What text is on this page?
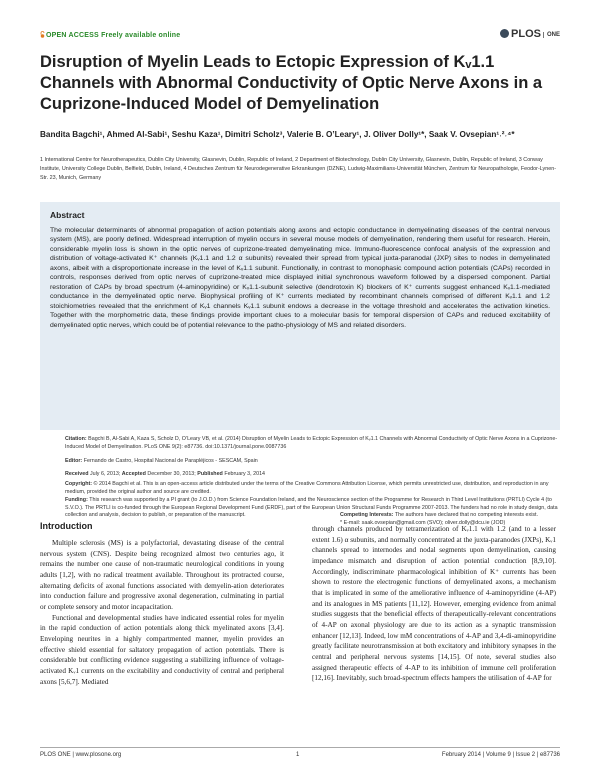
OPEN ACCESS Freely available online	PLOS ONE
Disruption of Myelin Leads to Ectopic Expression of Kᵥ1.1 Channels with Abnormal Conductivity of Optic Nerve Axons in a Cuprizone-Induced Model of Demyelination
Bandita Bagchi¹, Ahmed Al-Sabi¹, Seshu Kaza¹, Dimitri Scholz³, Valerie B. O’Leary¹, J. Oliver Dolly¹*, Saak V. Ovsepian¹˒²˒⁴*
1 International Centre for Neurotherapeutics, Dublin City University, Glasnevin, Dublin, Republic of Ireland, 2 Department of Biotechnology, Dublin City University, Glasnevin, Dublin, Republic of Ireland, 3 Conway Institute, University College Dublin, Belfield, Dublin, Ireland, 4 Deutsches Zentrum für Neurodegenerative Erkrankungen (DZNE), Ludwig-Maximilians-Universität München, Zentrum für Neuropathologie, Feodor-Lynen-Str. 23, Munich, Germany
Abstract

The molecular determinants of abnormal propagation of action potentials along axons and ectopic conductance in demyelinating diseases of the central nervous system (MS), are poorly defined. Widespread interruption of myelin occurs in several mouse models of demyelination, rendering them useful for research. Herein, considerable myelin loss is shown in the optic nerves of cuprizone-treated demyelinating mice. Immuno-fluorescence confocal analysis of the expression and distribution of voltage-activated K⁺ channels (Kᵥ1.1 and 1.2 α subunits) revealed their spread from typical juxta-paranodal (JXP) sites to nodes in demyelinated axons, albeit with a disproportionate increase in the level of Kᵥ1.1 subunit. Functionally, in contrast to monophasic compound action potentials (CAPs) recorded in controls, responses derived from optic nerves of cuprizone-treated mice displayed initial synchronous waveform followed by a dispersed component. Partial restoration of CAPs by broad spectrum (4-aminopyridine) or Kᵥ1.1-subunit selective (dendrotoxin K) blockers of K⁺ currents suggest enhanced Kᵥ1.1-mediated conductance in the demyelinated optic nerve. Biophysical profiling of K⁺ currents mediated by recombinant channels comprised of different Kᵥ1.1 and 1.2 stoichiometries revealed that the enrichment of Kᵥ1 channels Kᵥ1.1 subunit endows a decrease in the voltage threshold and accelerates the activation kinetics. Together with the morphometric data, these findings provide important clues to a molecular basis for temporal dispersion of CAPs and reduced excitability of demyelinated optic nerves, which could be of potential relevance to the patho-physiology of MS and related disorders.

Citation: Bagchi B, Al-Sabi A, Kaza S, Scholz D, O’Leary VB, et al. (2014) Disruption of Myelin Leads to Ectopic Expression of Kᵥ1.1 Channels with Abnormal Conductivity of Optic Nerve Axons in a Cuprizone-Induced Model of Demyelination. PLoS ONE 9(2): e87736. doi:10.1371/journal.pone.0087736
Editor: Fernando de Castro, Hospital Nacional de Parapléjicos - SESCAM, Spain
Received July 6, 2013; Accepted December 30, 2013; Published February 3, 2014
Copyright: © 2014 Bagchi et al. This is an open-access article distributed under the terms of the Creative Commons Attribution License, which permits unrestricted use, distribution, and reproduction in any medium, provided the original author and source are credited.
Funding: This research was supported by a PI grant (to J.O.D.) from Science Foundation Ireland, and the Neuroscience section of the Programme for Research in Third Level Institutions (PRTLI) Cycle 4 (to S.V.O.). The PRTLI is co-funded through the European Regional Development Fund (ERDF), part of the European Union Structural Funds Programme 2007-2013. The funders had no role in study design, data collection and analysis, decision to publish, or preparation of the manuscript.	Competing Interests: The authors have declared that no competing interests exist.
* E-mail: saak.ovsepian@gmail.com (SVO); oliver.dolly@dcu.ie (JOD)
Introduction

Multiple sclerosis (MS) is a polyfactorial, devastating disease of the central nervous system (CNS). Despite being recognized almost two centuries ago, it remains the number one cause of non-traumatic neurological conditions in young adults [1,2], with no radical treatment available. Throughout its protracted course, alternating deficits of axonal functions associated with demyelin-ation deteriorates into conduction failure and progressive axonal degeneration, culminating in partial or complete sensory and motor incapacitation.

Functional and developmental studies have indicated essential roles for myelin in the rapid conduction of action potentials along thick myelinated axons [3,4]. Enveloping neurites in a highly compartmented manner, myelin provides an effective shield essential for saltatory propagation of action potentials. There is considerable but conflicting evidence suggesting a stabilizing influence of voltage-activated Kᵥ1 currents on the excitability and conductivity of central and peripheral axons [5,6,7]. Mediated

through channels produced by tetramerization of Kᵥ1.1 with 1.2 (and to a lesser extent 1.6) α subunits, and normally concentrated at the juxta-paranodes (JXPs), Kᵥ1 channels spread to internodes and nodal segments upon demyelination, causing impedance mismatch and disruption of action potential conduction [8,9,10]. Accordingly, indiscriminate pharmacological inhibition of K⁺ currents has been shown to restore the electrogenic functions of demyelinated axons, a mechanism that is implicated in some of the ameliorative influence of 4-aminopyridine (4-AP) and its analogues in MS patients [11,12]. However, emerging evidence from animal studies suggests that the beneficial effects of therapeutically-relevant concentrations of 4-AP on axonal physiology are due to its action as a synaptic transmission enhancer [12,13]. Indeed, low mM concentrations of 4-AP and 3,4-di-aminopyridine greatly facilitate neurotransmission at both excitatory and inhibitory synapses in the central and peripheral nervous systems [14,15]. Of note, several studies also assigned therapeutic effects of 4-AP to its inhibition of immune cell proliferation [12,16]. Inevitably, such broad-spectrum effects hampers the utilisation of 4-AP for

PLOS ONE | www.plosone.org	1	February 2014 | Volume 9 | Issue 2 | e87736
